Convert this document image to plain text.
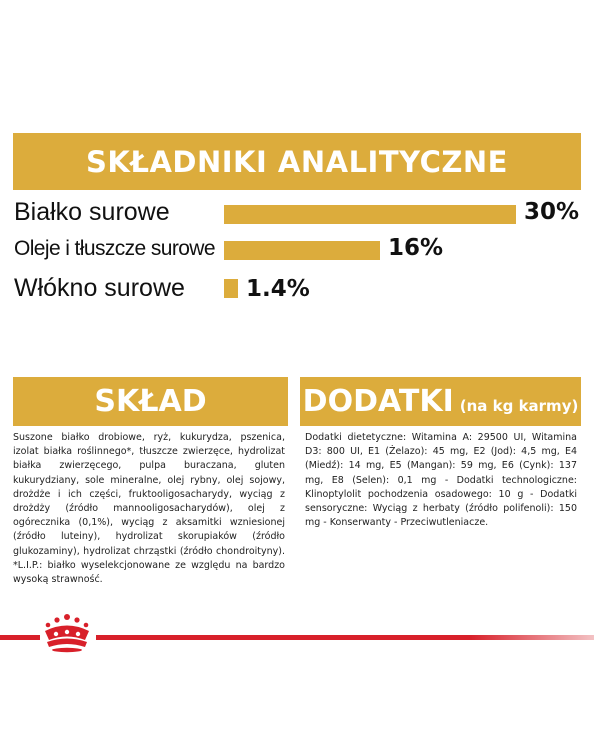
SKŁADNIKI ANALITYCZNE
Białko surowe	30%
Oleje i tłuszcze surowe	16%
Włókno surowe	1.4%
SKŁAD

Suszone białko drobiowe, ryż, kukurydza, pszenica, izolat białka roślinnego*, tłuszcze zwierzęce, hydrolizat białka zwierzęcego, pulpa buraczana, gluten kukurydziany, sole mineralne, olej rybny, olej sojowy, drożdże i ich części, fruktooligosacharydy, wyciąg z drożdży (źródło mannooligosacharydów), olej z ogórecznika (0,1%), wyciąg z aksamitki wzniesionej (źródło luteiny), hydrolizat skorupiaków (źródło glukozaminy), hydrolizat chrząstki (źródło chondroityny). *L.I.P.: białko wyselekcjonowane ze względu na bardzo wysoką strawność.

DODATKI (na kg karmy)

Dodatki dietetyczne: Witamina A: 29500 UI, Witamina D3: 800 UI, E1 (Żelazo): 45 mg, E2 (Jod): 4,5 mg, E4 (Miedź): 14 mg, E5 (Mangan): 59 mg, E6 (Cynk): 137 mg, E8 (Selen): 0,1 mg - Dodatki technologiczne: Klinoptylolit pochodzenia osadowego: 10 g - Dodatki sensoryczne: Wyciąg z herbaty (źródło polifenoli): 150 mg - Konserwanty - Przeciwutleniacze.
